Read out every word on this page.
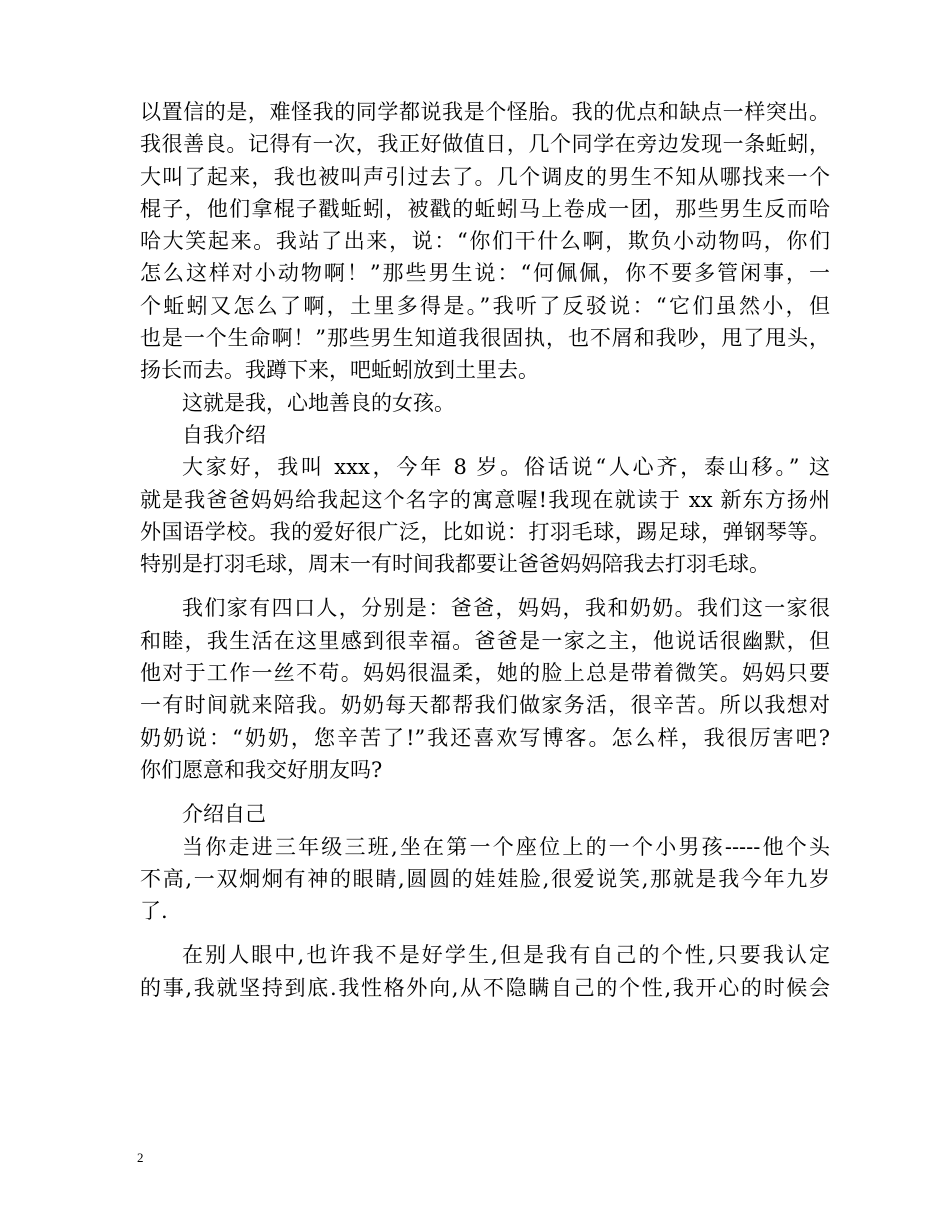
以置信的是，难怪我的同学都说我是个怪胎。我的优点和缺点一样突出。
我很善良。记得有一次，我正好做值日，几个同学在旁边发现一条蚯蚓，
大叫了起来，我也被叫声引过去了。几个调皮的男生不知从哪找来一个
棍子，他们拿棍子戳蚯蚓，被戳的蚯蚓马上卷成一团，那些男生反而哈
哈大笑起来。我站了出来，说：“你们干什么啊，欺负小动物吗，你们
怎么这样对小动物啊！”那些男生说：“何佩佩，你不要多管闲事，一
个蚯蚓又怎么了啊，土里多得是。”我听了反驳说：“它们虽然小，但
也是一个生命啊！”那些男生知道我很固执，也不屑和我吵，甩了甩头，
扬长而去。我蹲下来，吧蚯蚓放到土里去。
这就是我，心地善良的女孩。
自我介绍
大家好，我叫 xxx，今年 8 岁。俗话说“人心齐，泰山移。” 这
就是我爸爸妈妈给我起这个名字的寓意喔!我现在就读于 xx 新东方扬州
外国语学校。我的爱好很广泛，比如说：打羽毛球，踢足球，弹钢琴等。
特别是打羽毛球，周末一有时间我都要让爸爸妈妈陪我去打羽毛球。
我们家有四口人，分别是：爸爸，妈妈，我和奶奶。我们这一家很
和睦，我生活在这里感到很幸福。爸爸是一家之主，他说话很幽默，但
他对于工作一丝不苟。妈妈很温柔，她的脸上总是带着微笑。妈妈只要
一有时间就来陪我。奶奶每天都帮我们做家务活，很辛苦。所以我想对
奶奶说：“奶奶，您辛苦了!”我还喜欢写博客。怎么样，我很厉害吧?
你们愿意和我交好朋友吗?
介绍自己
当你走进三年级三班,坐在第一个座位上的一个小男孩-----他个头
不高,一双炯炯有神的眼睛,圆圆的娃娃脸,很爱说笑,那就是我今年九岁
了.
在别人眼中,也许我不是好学生,但是我有自己的个性,只要我认定
的事,我就坚持到底.我性格外向,从不隐瞒自己的个性,我开心的时候会
2
